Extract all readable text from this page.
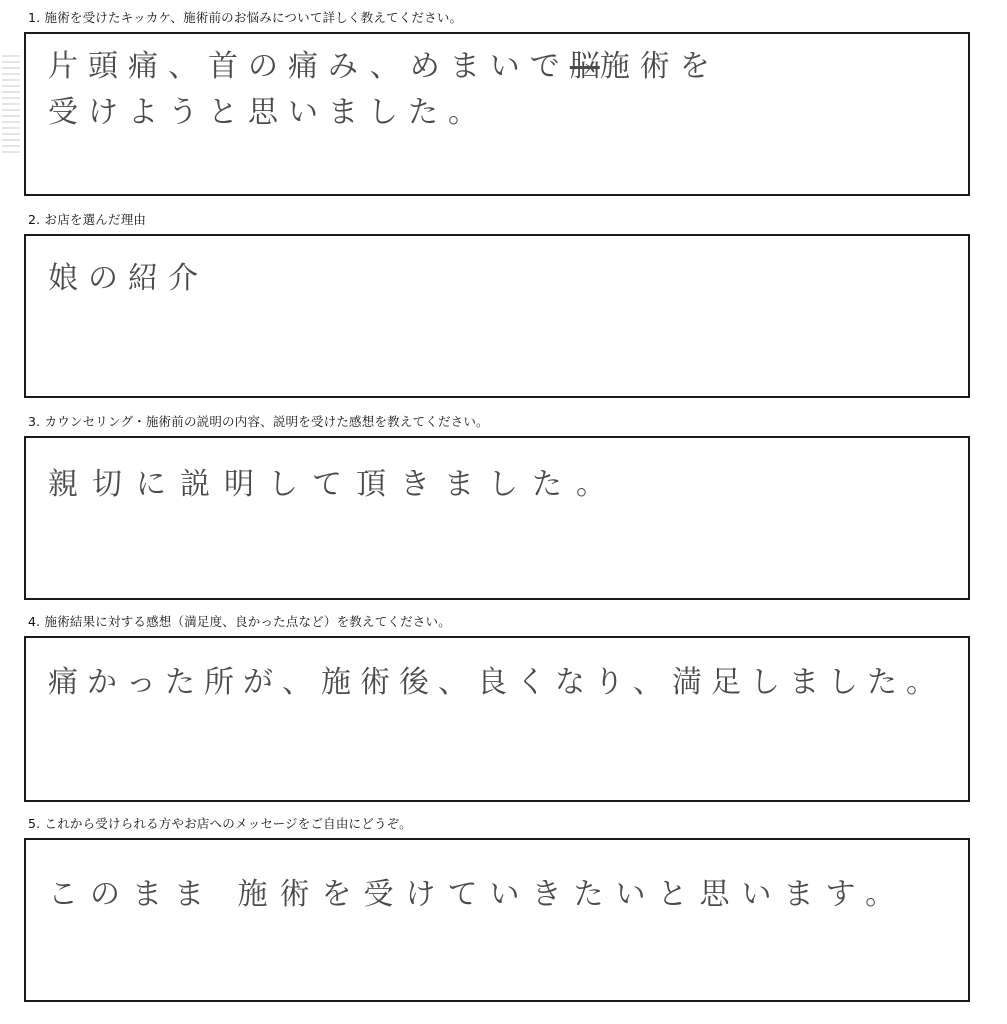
1. 施術を受けたキッカケ、施術前のお悩みについて詳しく教えてください。
片頭痛、首の痛み、めまいで脳施術を
受けようと思いました。
2. お店を選んだ理由
娘の紹介
3. カウンセリング・施術前の説明の内容、説明を受けた感想を教えてください。
親切に説明して頂きました。
4. 施術結果に対する感想（満足度、良かった点など）を教えてください。
痛かった所が、施術後、良くなり、満足しました。
5. これから受けられる方やお店へのメッセージをご自由にどうぞ。
このまま 施術を受けていきたいと思います。
